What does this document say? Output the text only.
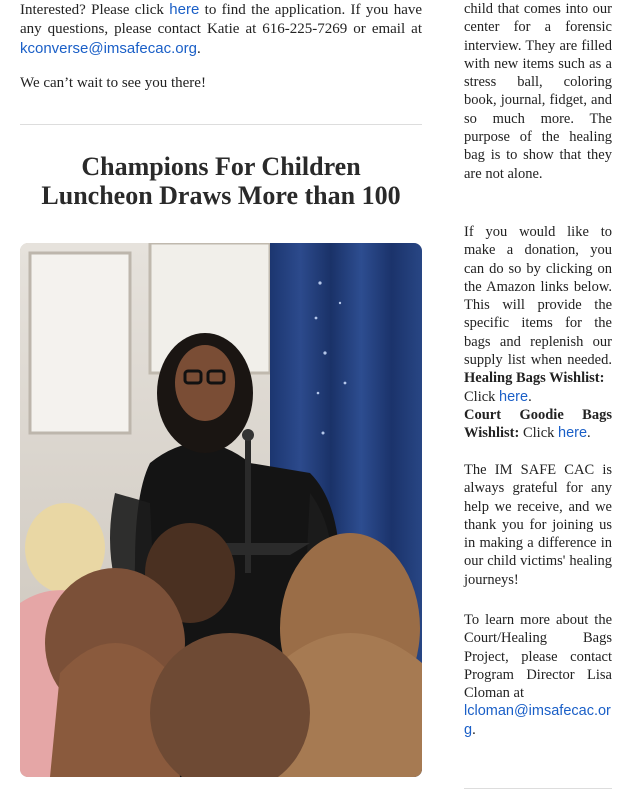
Interested? Please click here to find the application. If you have any questions, please contact Katie at 616-225-7269 or email at kconverse@imsafecac.org.

We can’t wait to see you there!

Champions For Children
Luncheon Draws More than 100

child that comes into our center for a forensic interview. They are filled with new items such as a stress ball, coloring book, journal, fidget, and so much more. The purpose of the healing bag is to show that they are not alone.

If you would like to make a donation, you can do so by clicking on the Amazon links below. This will provide the specific items for the bags and replenish our supply list when needed. Healing Bags Wishlist:
Click here.
Court Goodie Bags Wishlist: Click here.

The IM SAFE CAC is always grateful for any help we receive, and we thank you for joining us in making a difference in our child victims' healing journeys!

To learn more about the Court/Healing Bags Project, please contact Program Director Lisa Cloman at
lcloman@imsafecac.org.
